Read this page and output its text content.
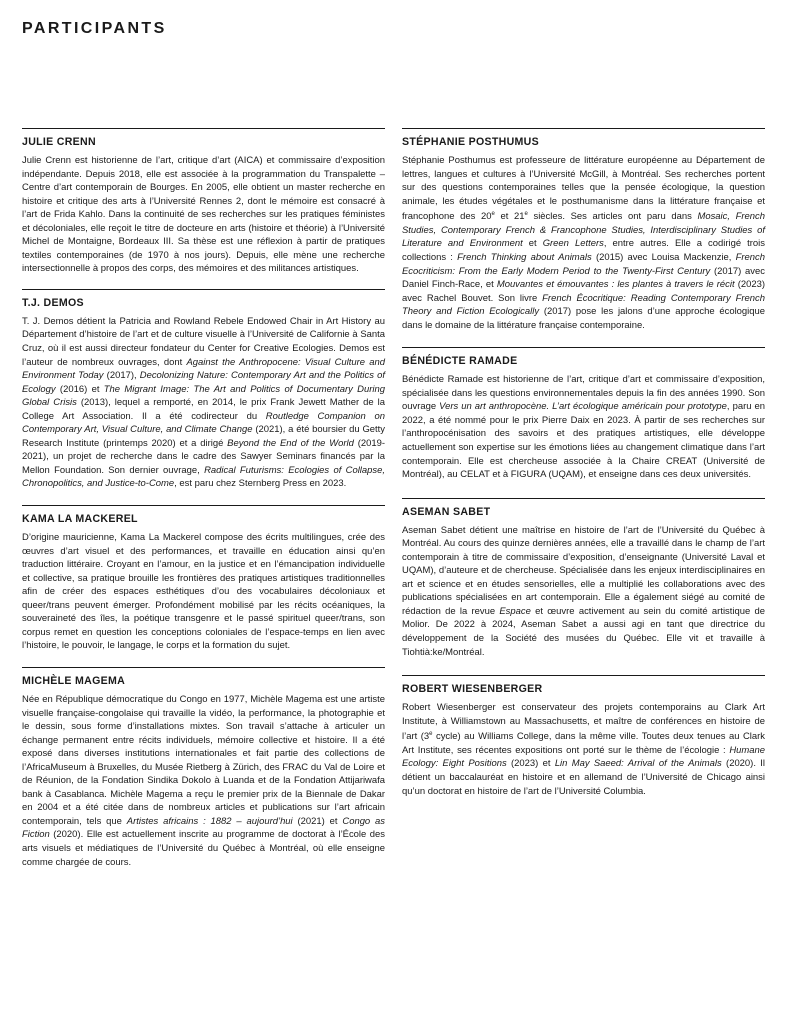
PARTICIPANTS
JULIE CRENN

Julie Crenn est historienne de l’art, critique d’art (AICA) et commissaire d’exposition indépendante. Depuis 2018, elle est associée à la programmation du Transpalette – Centre d’art contemporain de Bourges. En 2005, elle obtient un master recherche en histoire et critique des arts à l’Université Rennes 2, dont le mémoire est consacré à l’art de Frida Kahlo. Dans la continuité de ses recherches sur les pratiques féministes et décoloniales, elle reçoit le titre de docteure en arts (histoire et théorie) à l’Université Michel de Montaigne, Bordeaux III. Sa thèse est une réflexion à partir de pratiques textiles contemporaines (de 1970 à nos jours). Depuis, elle mène une recherche intersectionnelle à propos des corps, des mémoires et des militances artistiques.

T.J. DEMOS

T. J. Demos détient la Patricia and Rowland Rebele Endowed Chair in Art History au Département d’histoire de l’art et de culture visuelle à l’Université de Californie à Santa Cruz, où il est aussi directeur fondateur du Center for Creative Ecologies. Demos est l’auteur de nombreux ouvrages, dont Against the Anthropocene: Visual Culture and Environment Today (2017), Decolonizing Nature: Contemporary Art and the Politics of Ecology (2016) et The Migrant Image: The Art and Politics of Documentary During Global Crisis (2013), lequel a remporté, en 2014, le prix Frank Jewett Mather de la College Art Association. Il a été codirecteur du Routledge Companion on Contemporary Art, Visual Culture, and Climate Change (2021), a été boursier du Getty Research Institute (printemps 2020) et a dirigé Beyond the End of the World (2019-2021), un projet de recherche dans le cadre des Sawyer Seminars financés par la Mellon Foundation. Son dernier ouvrage, Radical Futurisms: Ecologies of Collapse, Chronopolitics, and Justice-to-Come, est paru chez Sternberg Press en 2023.

KAMA LA MACKEREL

D’origine mauricienne, Kama La Mackerel compose des écrits multilingues, crée des œuvres d’art visuel et des performances, et travaille en éducation ainsi qu’en traduction littéraire. Croyant en l’amour, en la justice et en l’émancipation individuelle et collective, sa pratique brouille les frontières des pratiques artistiques traditionnelles afin de créer des espaces esthétiques d’ou des vocabulaires décoloniaux et queer/trans peuvent émerger. Profondément mobilisé par les récits océaniques, la souveraineté des îles, la poétique transgenre et le passé spirituel queer/trans, son corpus remet en question les conceptions coloniales de l’espace-temps en lien avec l’histoire, le pouvoir, le langage, le corps et la formation du sujet.

MICHÈLE MAGEMA

Née en République démocratique du Congo en 1977, Michèle Magema est une artiste visuelle française-congolaise qui travaille la vidéo, la performance, la photographie et le dessin, sous forme d’installations mixtes. Son travail s’attache à articuler un échange permanent entre récits individuels, mémoire collective et histoire. Il a été exposé dans diverses institutions internationales et fait partie des collections de l’AfricaMuseum à Bruxelles, du Musée Rietberg à Zürich, des FRAC du Val de Loire et de Réunion, de la Fondation Sindika Dokolo à Luanda et de la Fondation Attijariwafa bank à Casablanca. Michèle Magema a reçu le premier prix de la Biennale de Dakar en 2004 et a été citée dans de nombreux articles et publications sur l’art africain contemporain, tels que Artistes africains : 1882 – aujourd’hui (2021) et Congo as Fiction (2020). Elle est actuellement inscrite au programme de doctorat à l’École des arts visuels et médiatiques de l’Université du Québec à Montréal, où elle enseigne comme chargée de cours.

STÉPHANIE POSTHUMUS

Stéphanie Posthumus est professeure de littérature européenne au Département de lettres, langues et cultures à l’Université McGill, à Montréal. Ses recherches portent sur des questions contemporaines telles que la pensée écologique, la question animale, les études végétales et le posthumanisme dans la littérature française et francophone des 20e et 21e siècles. Ses articles ont paru dans Mosaic, French Studies, Contemporary French & Francophone Studies, Interdisciplinary Studies of Literature and Environment et Green Letters, entre autres. Elle a codirigé trois collections : French Thinking about Animals (2015) avec Louisa Mackenzie, French Ecocriticism: From the Early Modern Period to the Twenty-First Century (2017) avec Daniel Finch-Race, et Mouvantes et émouvantes : les plantes à travers le récit (2023) avec Rachel Bouvet. Son livre French Écocritique: Reading Contemporary French Theory and Fiction Ecologically (2017) pose les jalons d’une approche écologique dans le domaine de la littérature française contemporaine.

BÉNÉDICTE RAMADE

Bénédicte Ramade est historienne de l’art, critique d’art et commissaire d’exposition, spécialisée dans les questions environnementales depuis la fin des années 1990. Son ouvrage Vers un art anthropocène. L’art écologique américain pour prototype, paru en 2022, a été nommé pour le prix Pierre Daix en 2023. À partir de ses recherches sur l’anthropocénisation des savoirs et des pratiques artistiques, elle développe actuellement son expertise sur les émotions liées au changement climatique dans l’art contemporain. Elle est chercheuse associée à la Chaire CREAT (Université de Montréal), au CELAT et à FIGURA (UQAM), et enseigne dans ces deux universités.

ASEMAN SABET

Aseman Sabet détient une maîtrise en histoire de l’art de l’Université du Québec à Montréal. Au cours des quinze dernières années, elle a travaillé dans le champ de l’art contemporain à titre de commissaire d’exposition, d’enseignante (Université Laval et UQAM), d’auteure et de chercheuse. Spécialisée dans les enjeux interdisciplinaires en art et science et en études sensorielles, elle a multiplié les collaborations avec des publications spécialisées en art contemporain. Elle a également siégé au comité de rédaction de la revue Espace et œuvre activement au sein du comité artistique de Molior. De 2022 à 2024, Aseman Sabet a aussi agi en tant que directrice du développement de la Société des musées du Québec. Elle vit et travaille à Tiohtià:ke/Montréal.

ROBERT WIESENBERGER

Robert Wiesenberger est conservateur des projets contemporains au Clark Art Institute, à Williamstown au Massachusetts, et maître de conférences en histoire de l’art (3e cycle) au Williams College, dans la même ville. Toutes deux tenues au Clark Art Institute, ses récentes expositions ont porté sur le thème de l’écologie : Humane Ecology: Eight Positions (2023) et Lin May Saeed: Arrival of the Animals (2020). Il détient un baccalauréat en histoire et en allemand de l’Université de Chicago ainsi qu’un doctorat en histoire de l’art de l’Université Columbia.
